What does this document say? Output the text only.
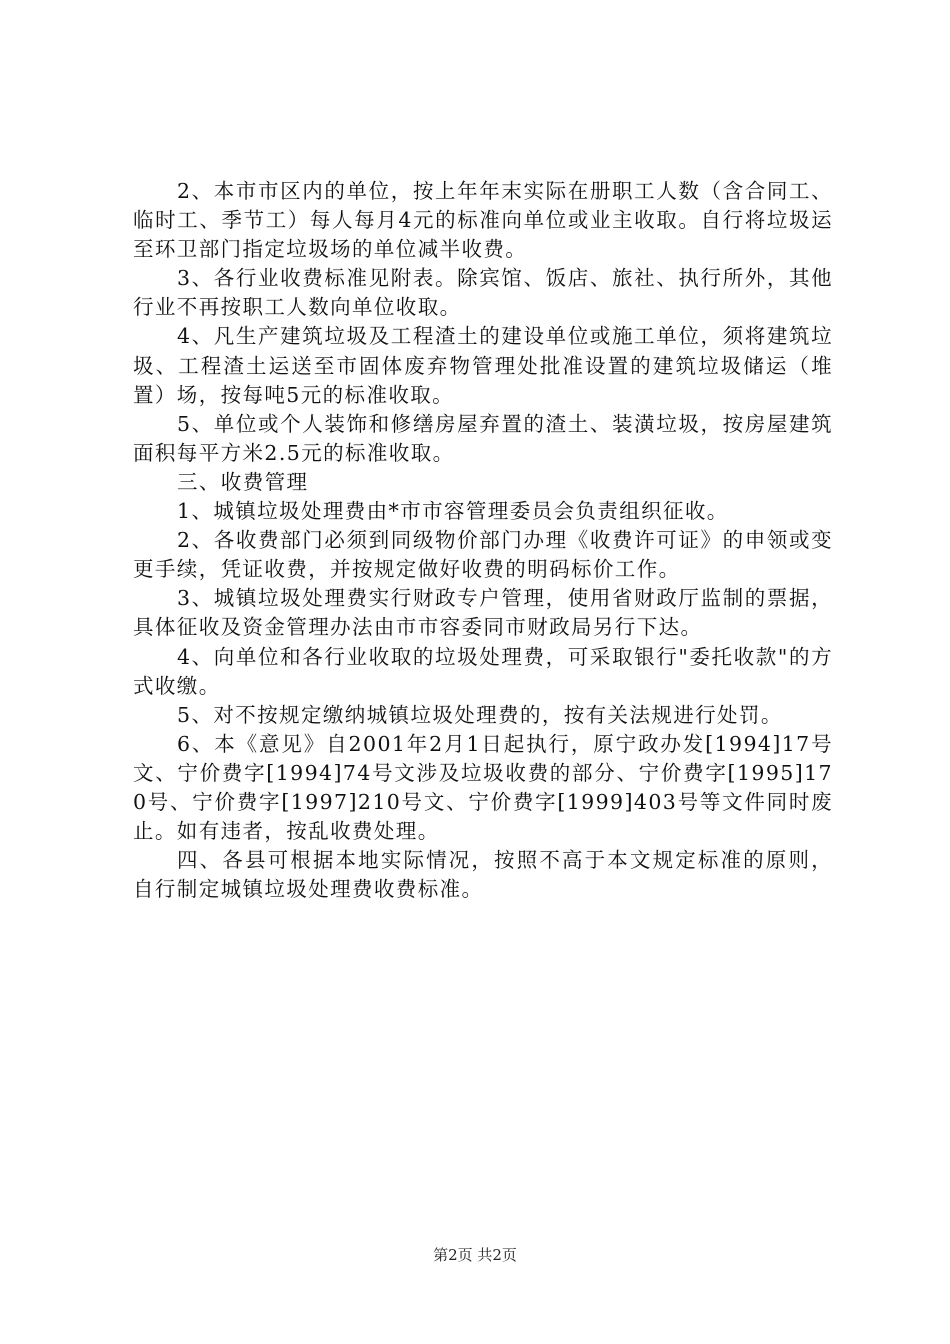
2、本市市区内的单位，按上年年末实际在册职工人数（含合同工、临时工、季节工）每人每月4元的标准向单位或业主收取。自行将垃圾运至环卫部门指定垃圾场的单位减半收费。

3、各行业收费标准见附表。除宾馆、饭店、旅社、执行所外，其他行业不再按职工人数向单位收取。

4、凡生产建筑垃圾及工程渣土的建设单位或施工单位，须将建筑垃圾、工程渣土运送至市固体废弃物管理处批准设置的建筑垃圾储运（堆置）场，按每吨5元的标准收取。

5、单位或个人装饰和修缮房屋弃置的渣土、装潢垃圾，按房屋建筑面积每平方米2.5元的标准收取。

三、收费管理

1、城镇垃圾处理费由*市市容管理委员会负责组织征收。

2、各收费部门必须到同级物价部门办理《收费许可证》的申领或变更手续，凭证收费，并按规定做好收费的明码标价工作。

3、城镇垃圾处理费实行财政专户管理，使用省财政厅监制的票据，具体征收及资金管理办法由市市容委同市财政局另行下达。

4、向单位和各行业收取的垃圾处理费，可采取银行"委托收款"的方式收缴。

5、对不按规定缴纳城镇垃圾处理费的，按有关法规进行处罚。

6、本《意见》自2001年2月1日起执行，原宁政办发[1994]17号文、宁价费字[1994]74号文涉及垃圾收费的部分、宁价费字[1995]170号、宁价费字[1997]210号文、宁价费字[1999]403号等文件同时废止。如有违者，按乱收费处理。

四、各县可根据本地实际情况，按照不高于本文规定标准的原则，自行制定城镇垃圾处理费收费标准。

第2页 共2页
